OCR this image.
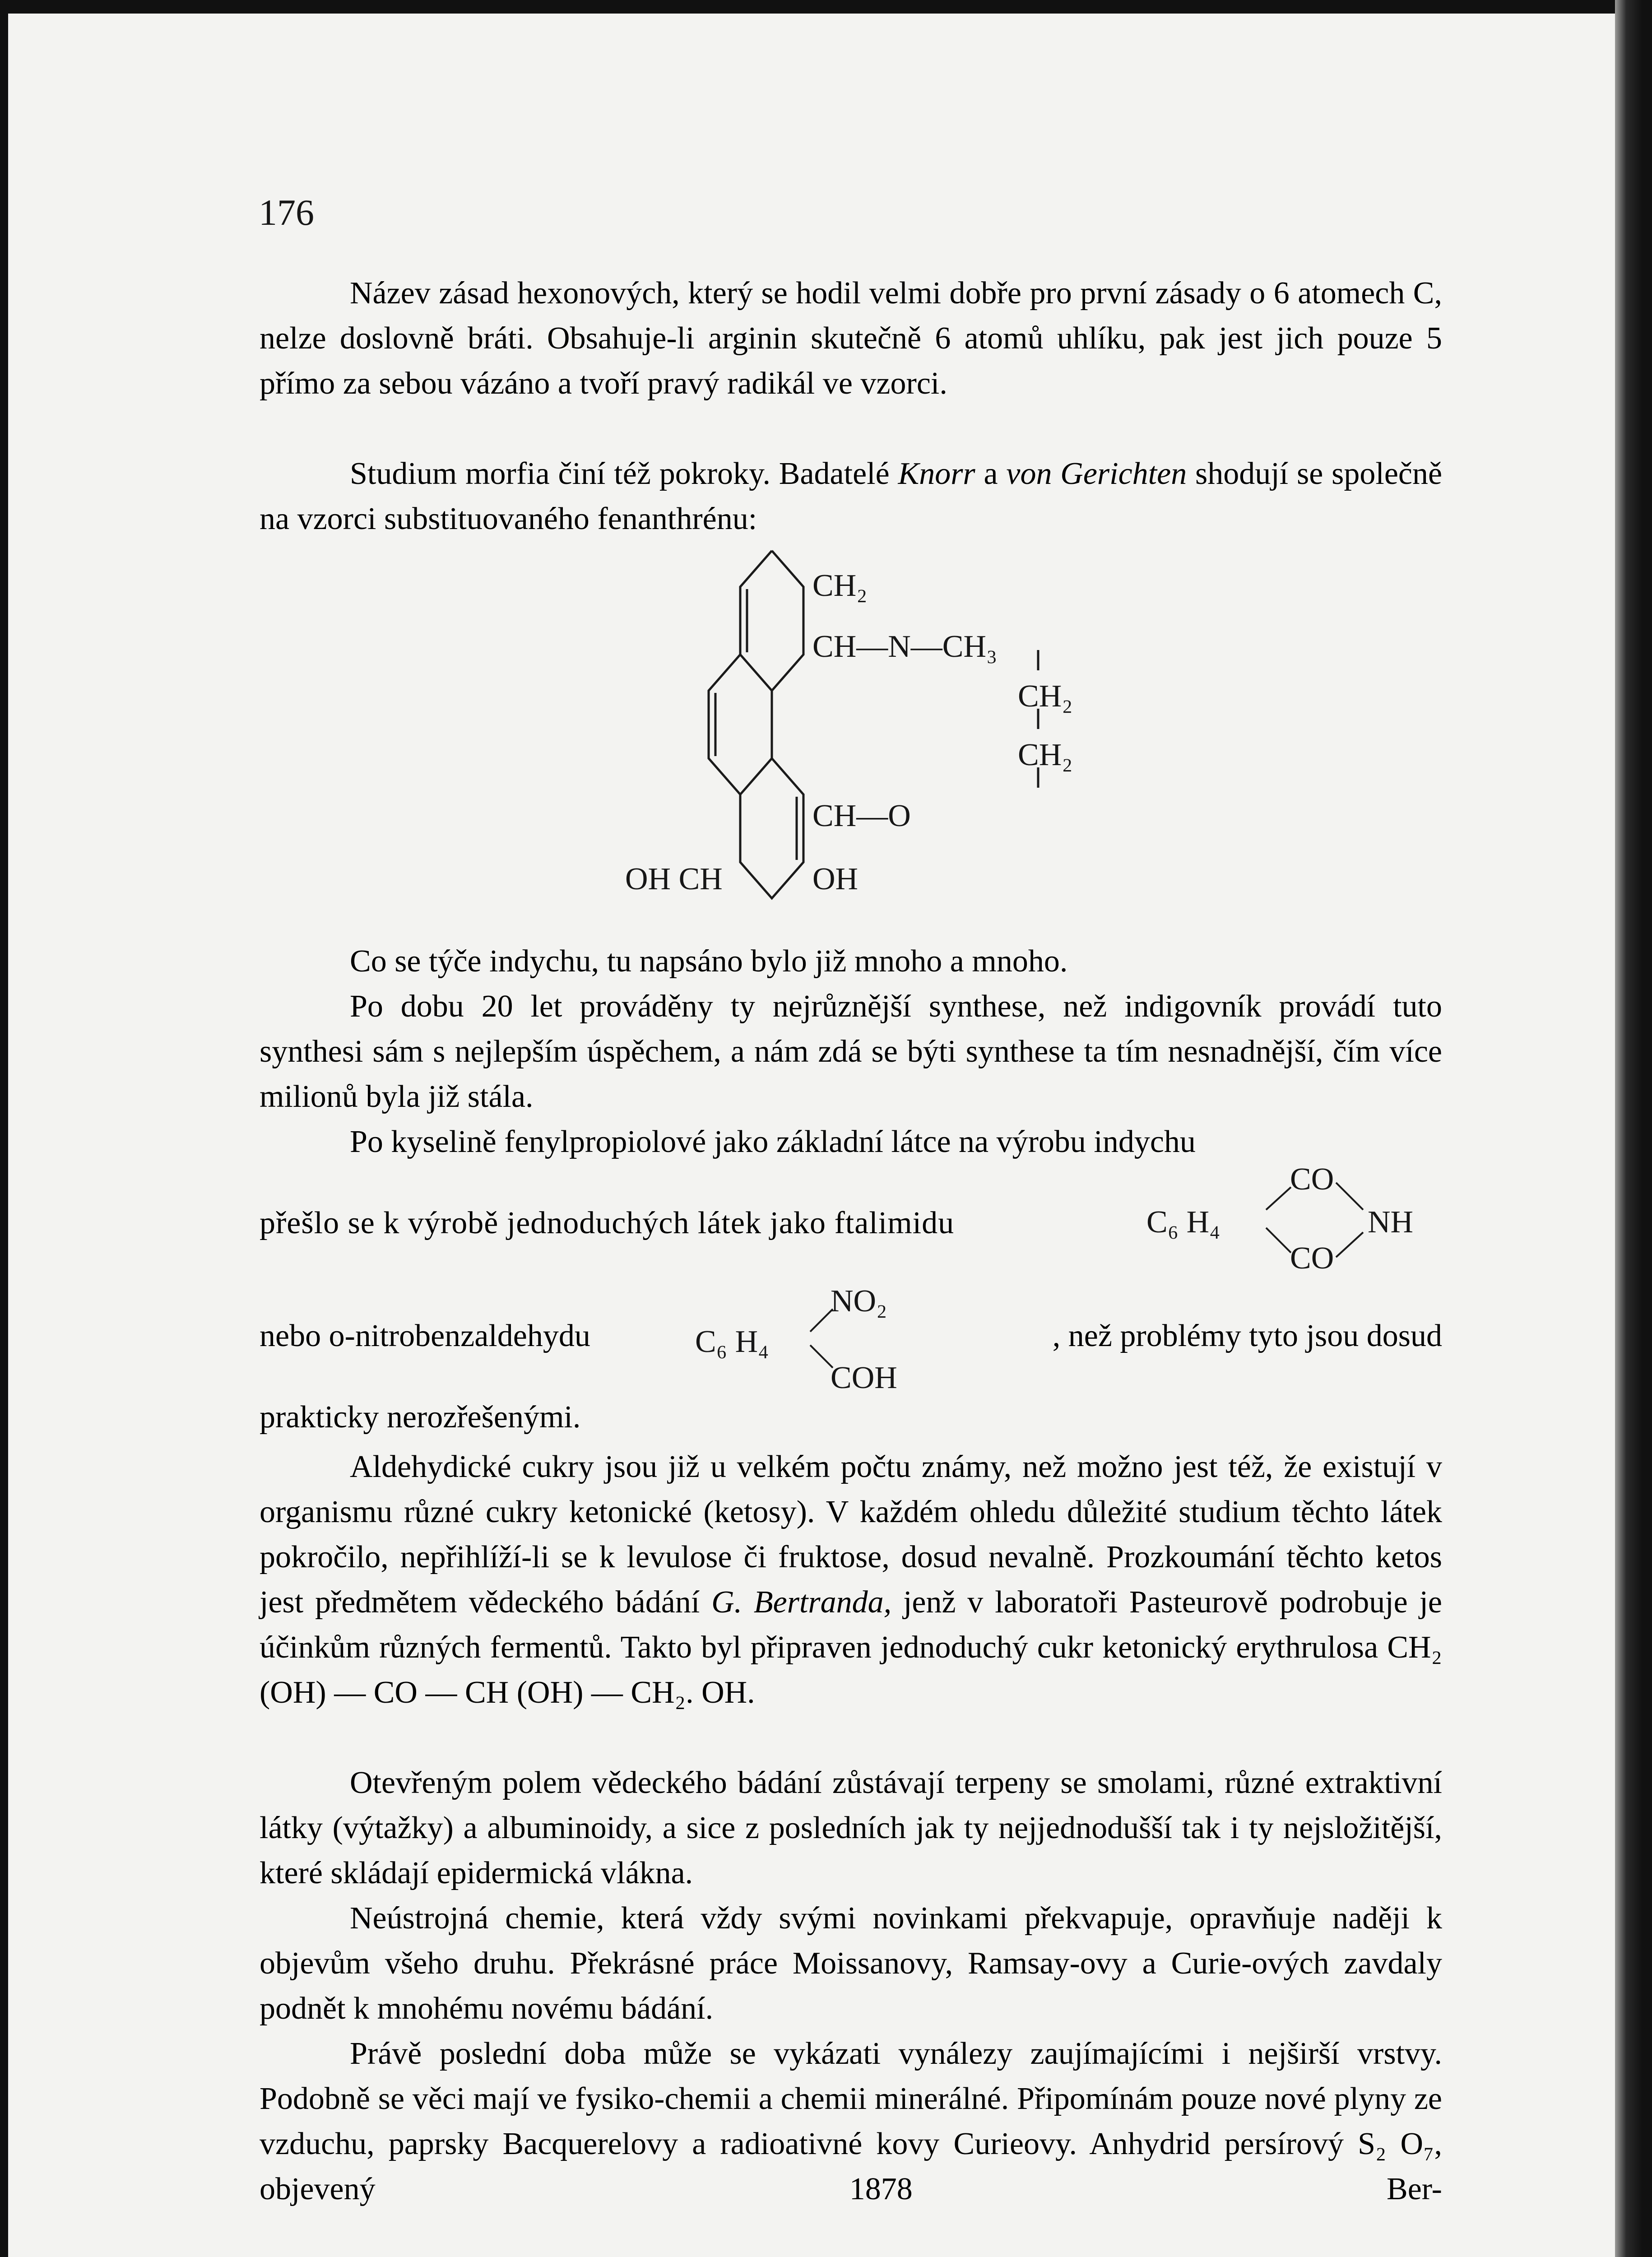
176

Název zásad hexonových, který se hodil velmi dobře pro první zásady o 6 atomech C, nelze doslovně bráti. Obsahuje-li arginin skutečně 6 atomů uhlíku, pak jest jich pouze 5 přímo za sebou vázáno a tvoří pravý radikál ve vzorci.

Studium morfia činí též pokroky. Badatelé Knorr a von Gerichten shodují se společně na vzorci substituovaného fenanthrénu:

CH₂
CH—N—CH₃
CH₂
CH₂
CH—O
OH CH	OH

Co se týče indychu, tu napsáno bylo již mnoho a mnoho.

Po dobu 20 let prováděny ty nejrůznější synthese, než indigovník provádí tuto synthesi sám s nejlepším úspěchem, a nám zdá se býti synthese ta tím nesnadnější, čím více milionů byla již stála.

Po kyselině fenylpropiolové jako základní látce na výrobu indychu

přešlo se k výrobě jednoduchých látek jako ftalimidu	C₆ H₄
CO
NH
CO
nebo o-nitrobenzaldehydu	C₆ H₄
NO₂
COH
, než problémy tyto jsou dosud

prakticky nerozřešenými.

Aldehydické cukry jsou již u velkém počtu známy, než možno jest též, že existují v organismu různé cukry ketonické (ketosy). V každém ohledu důležité studium těchto látek pokročilo, nepřihlíží-li se k levulose či fruktose, dosud nevalně. Prozkoumání těchto ketos jest předmětem vědeckého bádání G. Bertranda, jenž v laboratoři Pasteurově podrobuje je účinkům různých fermentů. Takto byl připraven jednoduchý cukr ketonický erythrulosa CH₂ (OH) — CO — CH (OH) — CH₂. OH.

Otevřeným polem vědeckého bádání zůstávají terpeny se smolami, různé extraktivní látky (výtažky) a albuminoidy, a sice z posledních jak ty nejjednodušší tak i ty nejsložitější, které skládají epidermická vlákna.

Neústrojná chemie, která vždy svými novinkami překvapuje, opravňuje naději k objevům všeho druhu. Překrásné práce Moissanovy, Ramsay-ovy a Curie-ových zavdaly podnět k mnohému novému bádání.

Právě poslední doba může se vykázati vynálezy zaujímajícími i nejširší vrstvy. Podobně se věci mají ve fysiko-chemii a chemii minerálné. Připomínám pouze nové plyny ze vzduchu, paprsky Bacquerelovy a radioativné kovy Curieovy. Anhydrid persírový S₂ O₇, objevený 1878 Ber-
